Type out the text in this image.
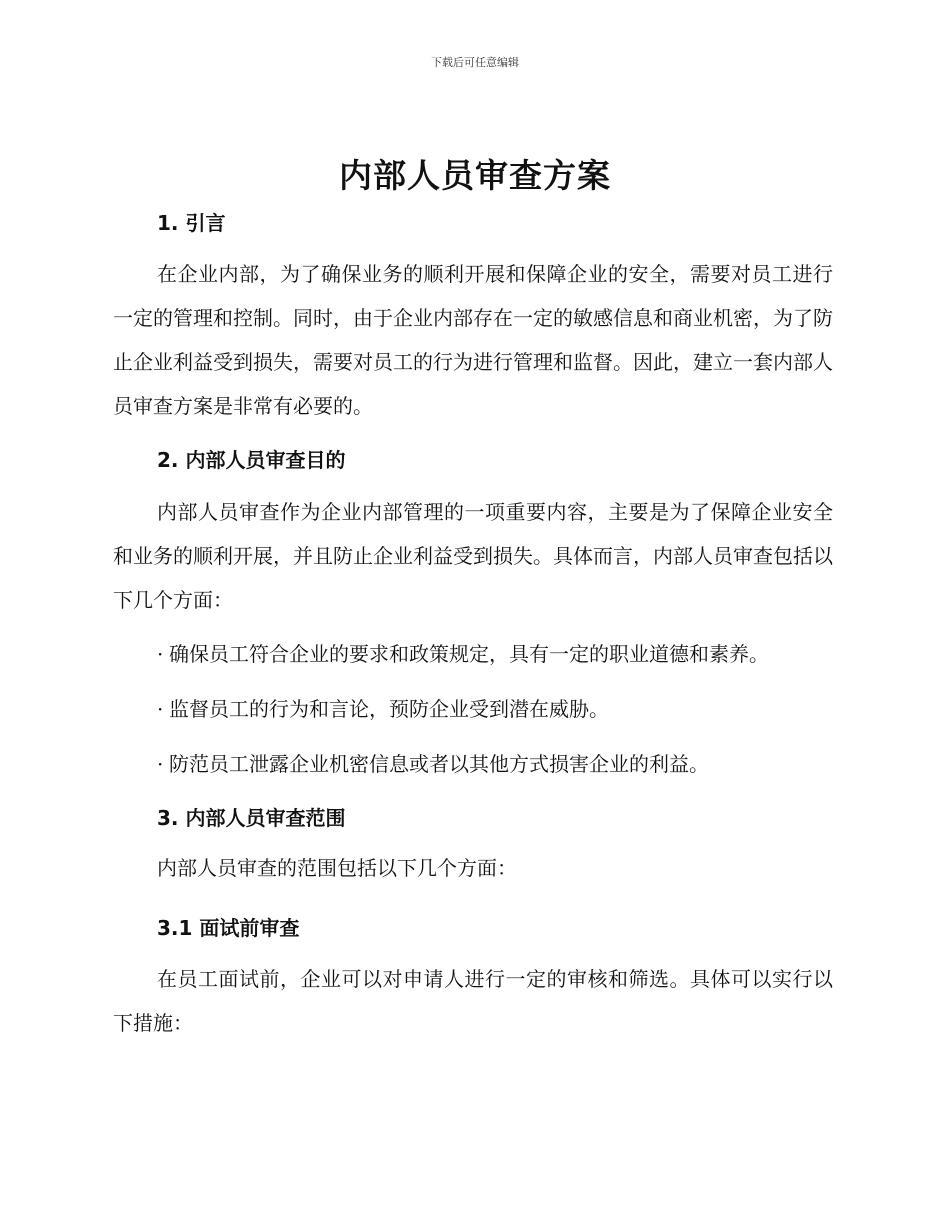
下载后可任意编辑
内部人员审查方案
1. 引言
在企业内部，为了确保业务的顺利开展和保障企业的安全，需要对员工进行一定的管理和控制。同时，由于企业内部存在一定的敏感信息和商业机密，为了防止企业利益受到损失，需要对员工的行为进行管理和监督。因此，建立一套内部人员审查方案是非常有必要的。
2. 内部人员审查目的
内部人员审查作为企业内部管理的一项重要内容，主要是为了保障企业安全和业务的顺利开展，并且防止企业利益受到损失。具体而言，内部人员审查包括以下几个方面：
· 确保员工符合企业的要求和政策规定，具有一定的职业道德和素养。
· 监督员工的行为和言论，预防企业受到潜在威胁。
· 防范员工泄露企业机密信息或者以其他方式损害企业的利益。
3. 内部人员审查范围
内部人员审查的范围包括以下几个方面：
3.1 面试前审查
在员工面试前，企业可以对申请人进行一定的审核和筛选。具体可以实行以下措施：
